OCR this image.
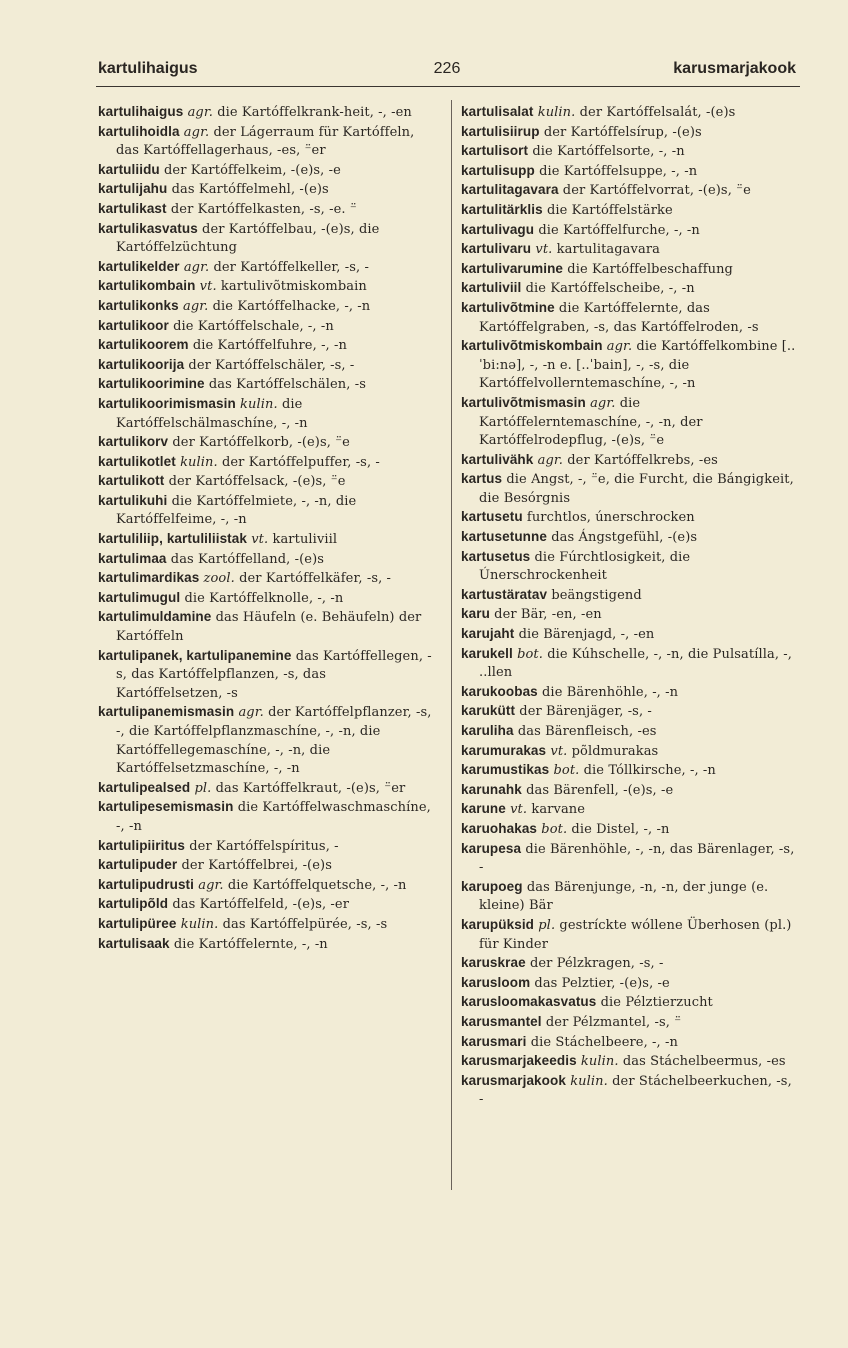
kartulihaigus	226	karusmarjakook

kartulihaigus agr. die Kartóffelkrank-heit, -, -en

kartulihoidla agr. der Lágerraum für Kartóffeln, das Kartóffellagerhaus, -es, ⁻̈er

kartuliidu der Kartóffelkeim, -(e)s, -e

kartulijahu das Kartóffelmehl, -(e)s

kartulikast der Kartóffelkasten, -s, -e. ⁻̈

kartulikasvatus der Kartóffelbau, -(e)s, die Kartóffelzüchtung

kartulikelder agr. der Kartóffelkeller, -s, -

kartulikombain vt. kartulivõtmiskombain

kartulikonks agr. die Kartóffelhacke, -, -n

kartulikoor die Kartóffelschale, -, -n

kartulikoorem die Kartóffelfuhre, -, -n

kartulikoorija der Kartóffelschäler, -s, -

kartulikoorimine das Kartóffelschälen, -s

kartulikoorimismasin kulin. die Kartóffelschälmaschíne, -, -n

kartulikorv der Kartóffelkorb, -(e)s, ⁻̈e

kartulikotlet kulin. der Kartóffelpuffer, -s, -

kartulikott der Kartóffelsack, -(e)s, ⁻̈e

kartulikuhi die Kartóffelmiete, -, -n, die Kartóffelfeime, -, -n

kartuliliip, kartuliliistak vt. kartuliviil

kartulimaa das Kartóffelland, -(e)s

kartulimardikas zool. der Kartóffelkäfer, -s, -

kartulimugul die Kartóffelknolle, -, -n

kartulimuldamine das Häufeln (e. Behäufeln) der Kartóffeln

kartulipanek, kartulipanemine das Kartóffellegen, -s, das Kartóffelpflanzen, -s, das Kartóffelsetzen, -s

kartulipanemismasin agr. der Kartóffelpflanzer, -s, -, die Kartóffelpflanzmaschíne, -, -n, die Kartóffellegemaschíne, -, -n, die Kartóffelsetzmaschíne, -, -n

kartulipealsed pl. das Kartóffelkraut, -(e)s, ⁻̈er

kartulipesemismasin die Kartóffelwaschmaschíne, -, -n

kartulipiiritus der Kartóffelspíritus, -

kartulipuder der Kartóffelbrei, -(e)s

kartulipudrusti agr. die Kartóffelquetsche, -, -n

kartulipõld das Kartóffelfeld, -(e)s, -er

kartulipüree kulin. das Kartóffelpürée, -s, -s

kartulisaak die Kartóffelernte, -, -n

kartulisalat kulin. der Kartóffelsalát, -(e)s

kartulisiirup der Kartóffelsírup, -(e)s

kartulisort die Kartóffelsorte, -, -n

kartulisupp die Kartóffelsuppe, -, -n

kartulitagavara der Kartóffelvorrat, -(e)s, ⁻̈e

kartulitärklis die Kartóffelstärke

kartulivagu die Kartóffelfurche, -, -n

kartulivaru vt. kartulitagavara

kartulivarumine die Kartóffelbeschaffung

kartuliviil die Kartóffelscheibe, -, -n

kartulivõtmine die Kartóffelernte, das Kartóffelgraben, -s, das Kartóffelroden, -s

kartulivõtmiskombain agr. die Kartóffelkombine [..ˈbi:nə], -, -n e. [..ˈbain], -, -s, die Kartóffelvollerntemaschíne, -, -n

kartulivõtmismasin agr. die Kartóffelerntemaschíne, -, -n, der Kartóffelrodepflug, -(e)s, ⁻̈e

kartulivähk agr. der Kartóffelkrebs, -es

kartus die Angst, -, ⁻̈e, die Furcht, die Bángigkeit, die Besórgnis

kartusetu furchtlos, únerschrocken

kartusetunne das Ángstgefühl, -(e)s

kartusetus die Fúrchtlosigkeit, die Únerschrockenheit

kartustäratav beängstigend

karu der Bär, -en, -en

karujaht die Bärenjagd, -, -en

karukell bot. die Kúhschelle, -, -n, die Pulsatílla, -, ..llen

karukoobas die Bärenhöhle, -, -n

karukütt der Bärenjäger, -s, -

karuliha das Bärenfleisch, -es

karumurakas vt. põldmurakas

karumustikas bot. die Tóllkirsche, -, -n

karunahk das Bärenfell, -(e)s, -e

karune vt. karvane

karuohakas bot. die Distel, -, -n

karupesa die Bärenhöhle, -, -n, das Bärenlager, -s, -

karupoeg das Bärenjunge, -n, -n, der junge (e. kleine) Bär

karupüksid pl. gestríckte wóllene Überhosen (pl.) für Kinder

karuskrae der Pélzkragen, -s, -

karusloom das Pelztier, -(e)s, -e

karusloomakasvatus die Pélztierzucht

karusmantel der Pélzmantel, -s, ⁻̈

karusmari die Stáchelbeere, -, -n

karusmarjakeedis kulin. das Stáchelbeermus, -es

karusmarjakook kulin. der Stáchelbeerkuchen, -s, -
